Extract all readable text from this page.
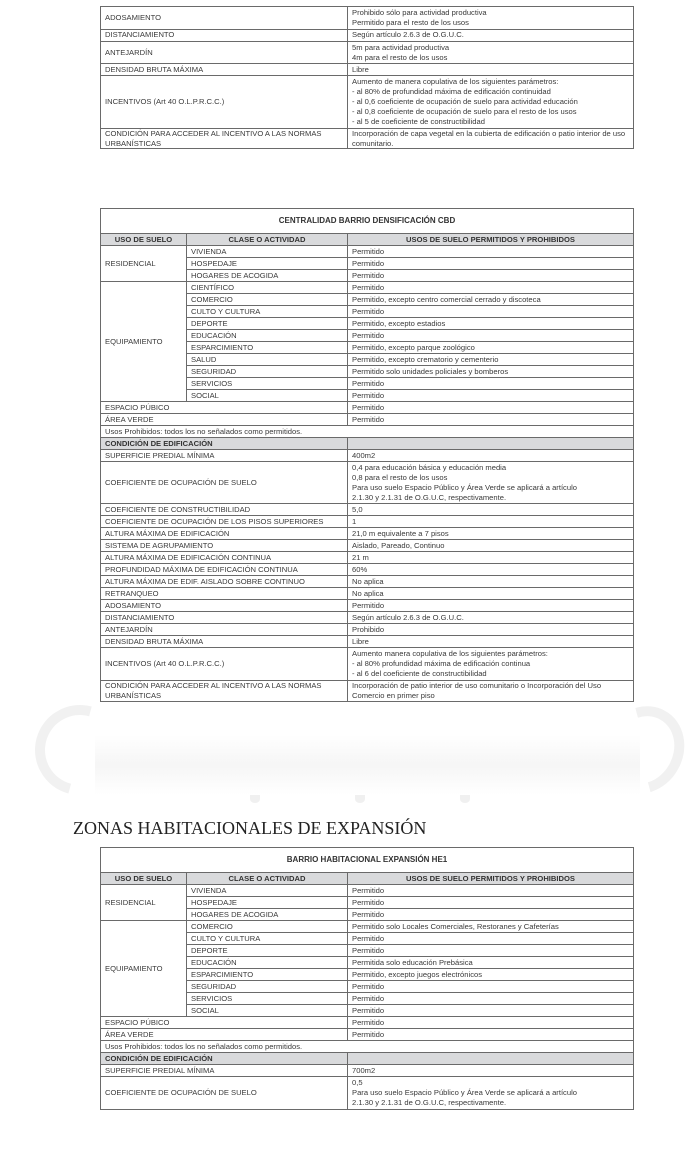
ADOSAMIENTO	Prohibido sólo para actividad productiva
Permitido para el resto de los usos

DISTANCIAMIENTO	Según artículo 2.6.3 de O.G.U.C.

ANTEJARDÍN	5m para actividad productiva
4m para el resto de los usos

DENSIDAD BRUTA MÁXIMA	Libre

INCENTIVOS (Art 40 O.L.P.R.C.C.)	Aumento de manera copulativa de los siguientes parámetros:
- al 80% de profundidad máxima de edificación continuidad
- al 0,6 coeficiente de ocupación de suelo para actividad educación
- al 0,8 coeficiente de ocupación de suelo para el resto de los usos
- al 5 de coeficiente de constructibilidad

CONDICIÓN PARA ACCEDER AL INCENTIVO A LAS NORMAS URBANÍSTICAS	Incorporación de capa vegetal en la cubierta de edificación o patio interior de uso comunitario.
CENTRALIDAD BARRIO DENSIFICACIÓN CBD		
USO DE SUELO	CLASE O ACTIVIDAD	USOS DE SUELO PERMITIDOS Y PROHIBIDOS
RESIDENCIAL	VIVIENDA	Permitido
	HOSPEDAJE	Permitido
	HOGARES DE ACOGIDA	Permitido
EQUIPAMIENTO	CIENTÍFICO	Permitido
	COMERCIO	Permitido, excepto centro comercial cerrado y discoteca
	CULTO Y CULTURA	Permitido
	DEPORTE	Permitido, excepto estadios
	EDUCACIÓN	Permitido
	ESPARCIMIENTO	Permitido, excepto parque zoológico
	SALUD	Permitido, excepto crematorio y cementerio
	SEGURIDAD	Permitido solo unidades policiales y bomberos
	SERVICIOS	Permitido
	SOCIAL	Permitido
ESPACIO PÚBICO		Permitido
ÁREA VERDE		Permitido
Usos Prohibidos: todos los no señalados como permitidos.		
CONDICIÓN DE EDIFICACIÓN		
SUPERFICIE PREDIAL MÍNIMA		400m2

COEFICIENTE DE OCUPACIÓN DE SUELO		0,4 para educación básica y educación media
0,8 para el resto de los usos
Para uso suelo Espacio Público y Área Verde se aplicará a artículo
2.1.30 y 2.1.31 de O.G.U.C, respectivamente.

COEFICIENTE DE CONSTRUCTIBILIDAD		5,0

COEFICIENTE DE OCUPACIÓN DE LOS PISOS SUPERIORES		1

ALTURA MÁXIMA DE EDIFICACIÓN		21,0 m equivalente a 7 pisos

SISTEMA DE AGRUPAMIENTO		Aislado, Pareado, Continuo

ALTURA MÁXIMA DE EDIFICACIÓN CONTINUA		21 m

PROFUNDIDAD MÁXIMA DE EDIFICACIÓN CONTINUA		60%

ALTURA MÁXIMA DE EDIF. AISLADO SOBRE CONTINUO		No aplica

RETRANQUEO		No aplica

ADOSAMIENTO		Permitido

DISTANCIAMIENTO		Según artículo 2.6.3 de O.G.U.C.

ANTEJARDÍN		Prohibido

DENSIDAD BRUTA MÁXIMA		Libre

INCENTIVOS (Art 40 O.L.P.R.C.C.)		Aumento manera copulativa de los siguientes parámetros:
- al 80% profundidad máxima de edificación continua
- al 6 del coeficiente de constructibilidad

CONDICIÓN PARA ACCEDER AL INCENTIVO A LAS NORMAS URBANÍSTICAS		Incorporación de patio interior de uso comunitario o Incorporación del Uso Comercio en primer piso
ZONAS HABITACIONALES DE EXPANSIÓN
BARRIO HABITACIONAL EXPANSIÓN HE1		
USO DE SUELO	CLASE O ACTIVIDAD	USOS DE SUELO PERMITIDOS Y PROHIBIDOS
RESIDENCIAL	VIVIENDA	Permitido
	HOSPEDAJE	Permitido
	HOGARES DE ACOGIDA	Permitido
EQUIPAMIENTO	COMERCIO	Permitido solo Locales Comerciales, Restoranes y Cafeterías
	CULTO Y CULTURA	Permitido
	DEPORTE	Permitido
	EDUCACIÓN	Permitida solo educación Prebásica
	ESPARCIMIENTO	Permitido, excepto juegos electrónicos
	SEGURIDAD	Permitido
	SERVICIOS	Permitido
	SOCIAL	Permitido
ESPACIO PÚBICO		Permitido
ÁREA VERDE		Permitido
Usos Prohibidos: todos los no señalados como permitidos.		
CONDICIÓN DE EDIFICACIÓN		
SUPERFICIE PREDIAL MÍNIMA		700m2

COEFICIENTE DE OCUPACIÓN DE SUELO		0,5
Para uso suelo Espacio Público y Área Verde se aplicará a artículo
2.1.30 y 2.1.31 de O.G.U.C, respectivamente.
